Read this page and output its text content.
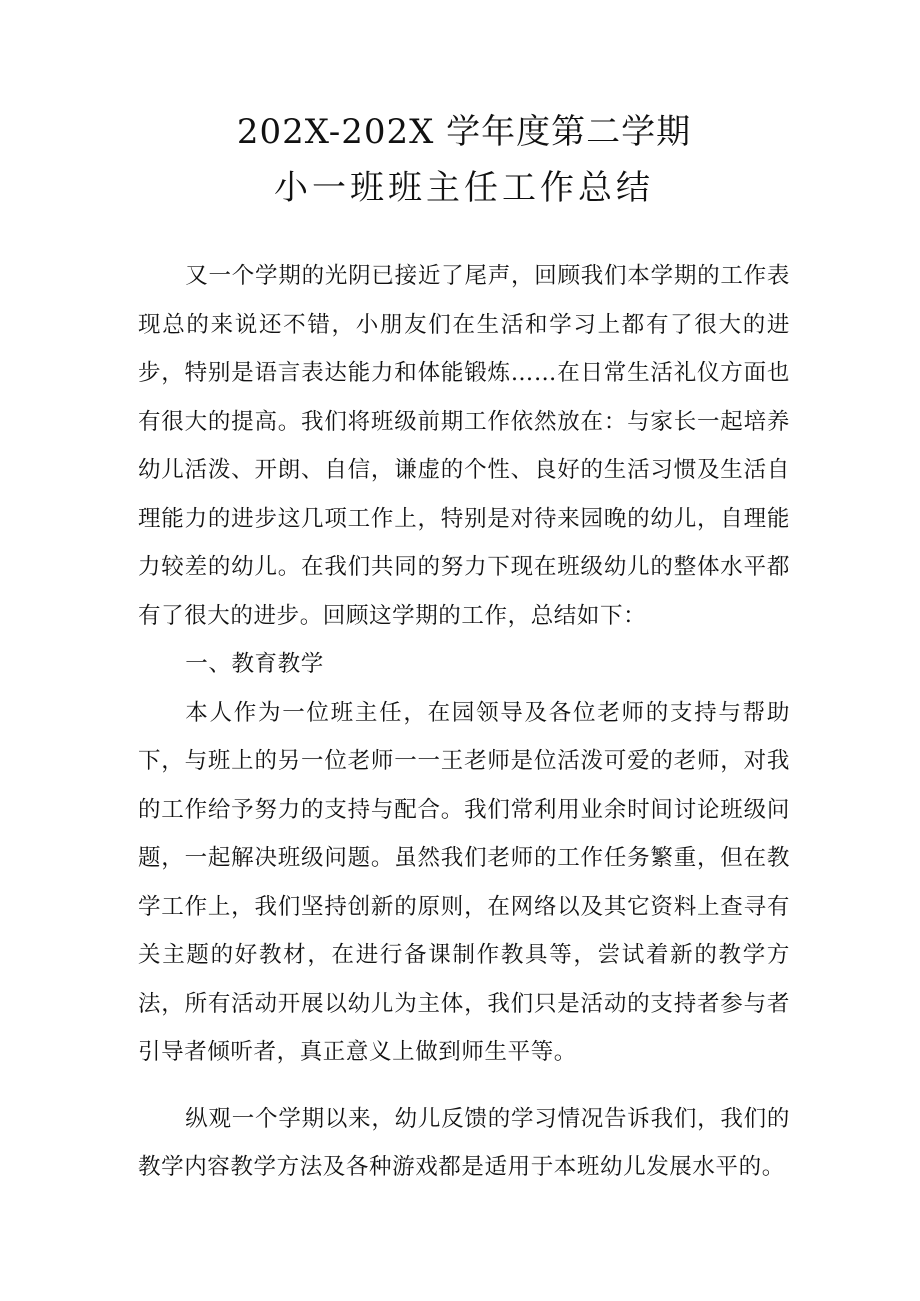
202X-202X 学年度第二学期
小一班班主任工作总结

又一个学期的光阴已接近了尾声，回顾我们本学期的工作表现总的来说还不错，小朋友们在生活和学习上都有了很大的进步，特别是语言表达能力和体能锻炼……在日常生活礼仪方面也有很大的提高。我们将班级前期工作依然放在：与家长一起培养幼儿活泼、开朗、自信，谦虚的个性、良好的生活习惯及生活自理能力的进步这几项工作上，特别是对待来园晚的幼儿，自理能力较差的幼儿。在我们共同的努力下现在班级幼儿的整体水平都有了很大的进步。回顾这学期的工作，总结如下：

一、教育教学

本人作为一位班主任，在园领导及各位老师的支持与帮助下，与班上的另一位老师一一王老师是位活泼可爱的老师，对我的工作给予努力的支持与配合。我们常利用业余时间讨论班级问题，一起解决班级问题。虽然我们老师的工作任务繁重，但在教学工作上，我们坚持创新的原则，在网络以及其它资料上查寻有关主题的好教材，在进行备课制作教具等，尝试着新的教学方法，所有活动开展以幼儿为主体，我们只是活动的支持者参与者引导者倾听者，真正意义上做到师生平等。

纵观一个学期以来，幼儿反馈的学习情况告诉我们，我们的教学内容教学方法及各种游戏都是适用于本班幼儿发展水平的。
